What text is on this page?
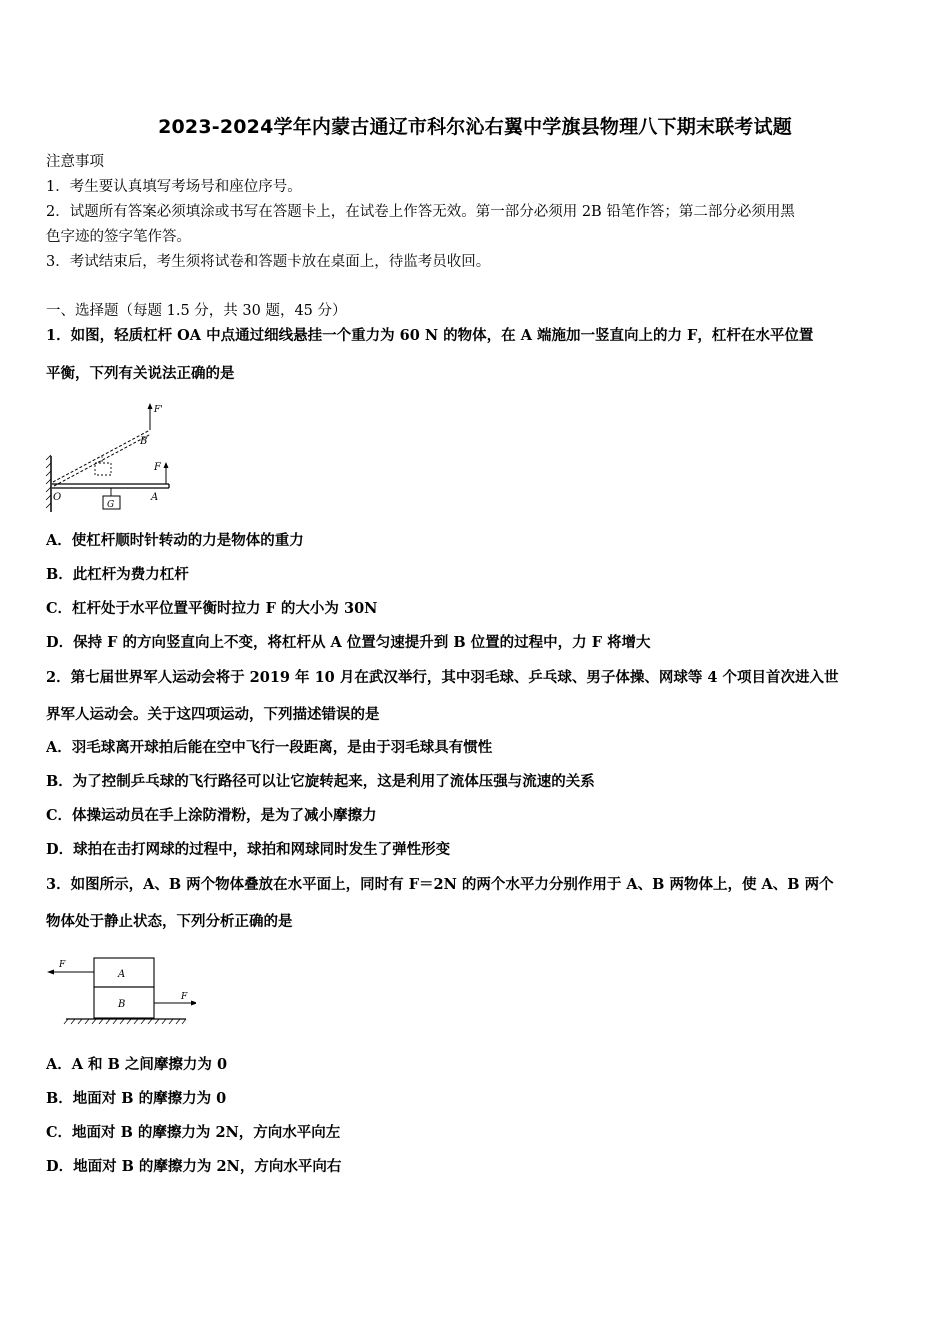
2023-2024学年内蒙古通辽市科尔沁右翼中学旗县物理八下期末联考试题
注意事项
1．考生要认真填写考场号和座位序号。
2．试题所有答案必须填涂或书写在答题卡上，在试卷上作答无效。第一部分必须用 2B 铅笔作答；第二部分必须用黑
色字迹的签字笔作答。
3．考试结束后，考生须将试卷和答题卡放在桌面上，待监考员收回。
一、选择题（每题 1.5 分，共 30 题，45 分）
1．如图，轻质杠杆 OA 中点通过细线悬挂一个重力为 60 N 的物体，在 A 端施加一竖直向上的力 F，杠杆在水平位置
平衡，下列有关说法正确的是
F'
B
F
O	A
G
A．使杠杆顺时针转动的力是物体的重力
B．此杠杆为费力杠杆
C．杠杆处于水平位置平衡时拉力 F 的大小为 30N
D．保持 F 的方向竖直向上不变，将杠杆从 A 位置匀速提升到 B 位置的过程中，力 F 将增大
2．第七届世界军人运动会将于 2019 年 10 月在武汉举行，其中羽毛球、乒乓球、男子体操、网球等 4 个项目首次进入世
界军人运动会。关于这四项运动，下列描述错误的是
A．羽毛球离开球拍后能在空中飞行一段距离，是由于羽毛球具有惯性
B．为了控制乒乓球的飞行路径可以让它旋转起来，这是利用了流体压强与流速的关系
C．体操运动员在手上涂防滑粉，是为了减小摩擦力
D．球拍在击打网球的过程中，球拍和网球同时发生了弹性形变
3．如图所示，A、B 两个物体叠放在水平面上，同时有 F＝2N 的两个水平力分别作用于 A、B 两物体上，使 A、B 两个
物体处于静止状态，下列分析正确的是
A
B
F
F
A．A 和 B 之间摩擦力为 0
B．地面对 B 的摩擦力为 0
C．地面对 B 的摩擦力为 2N，方向水平向左
D．地面对 B 的摩擦力为 2N，方向水平向右
